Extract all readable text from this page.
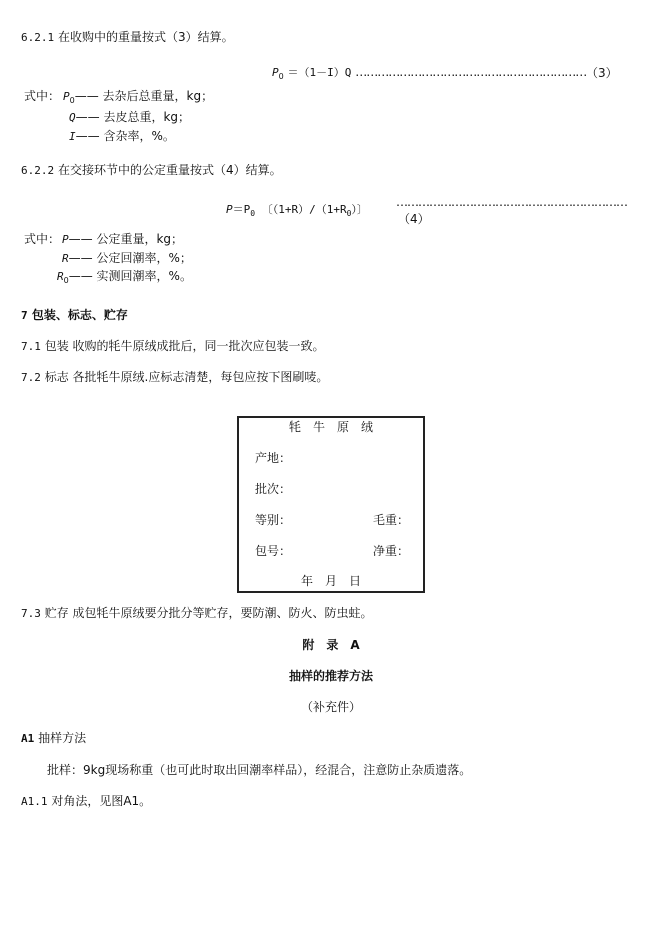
6.2.1 在收购中的重量按式（3）结算。
$P_0 =(1-I)Q$ ……………………………………………………… （3）
式中： $P_0——$ 去杂后总重量，kg；
Q—— 去皮总重，kg；
I—— 含杂率，%。
6.2.2 在交接环节中的公定重量按式（4）结算。
$P=P_0$ 〔$(1+R)/(1+R_0)$〕
………………………………………………………
（4）
式中： P—— 公定重量，kg；
R—— 公定回潮率，%；
$R_0——$ 实测回潮率，%。
7 包装、标志、贮存
7.1 包装 收购的牦牛原绒成批后，同一批次应包装一致。
7.2 标志 各批牦牛原绒.应标志清楚，每包应按下图刷唛。
牦　牛　原　绒
产地：
批次：
等别：	毛重：
包号：	净重：
年　月　日
7.3 贮存 成包牦牛原绒要分批分等贮存，要防潮、防火、防虫蛀。
附　录　A
抽样的推荐方法
（补充件）
A1 抽样方法
批样：9kg现场称重（也可此时取出回潮率样品），经混合，注意防止杂质遗落。
A1.1 对角法，见图A1。
